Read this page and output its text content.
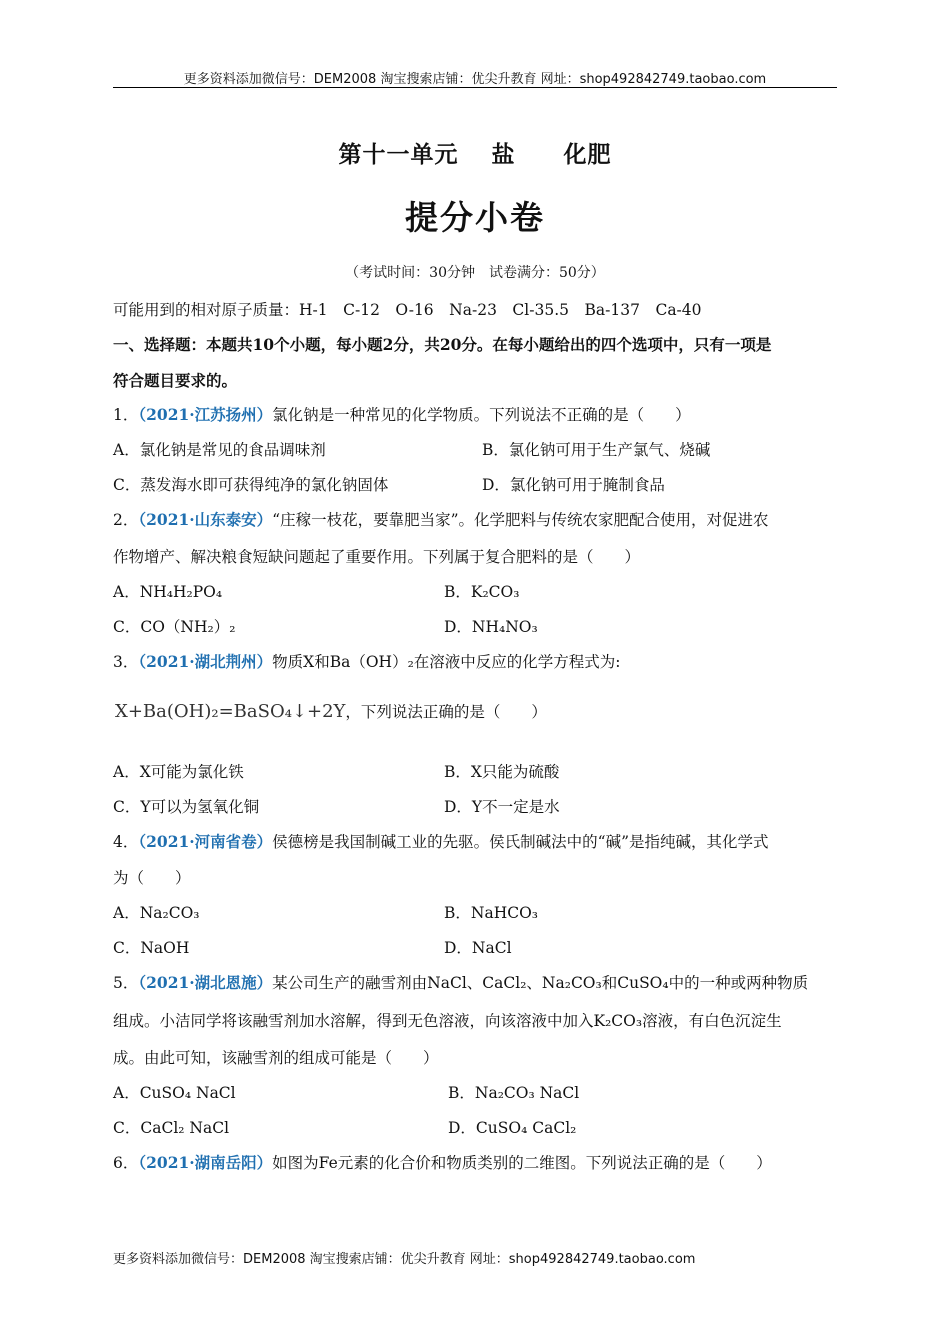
更多资料添加微信号：DEM2008 淘宝搜索店铺：优尖升教育 网址：shop492842749.taobao.com
第十一单元　 盐　　化肥
提分小卷
（考试时间：30分钟　试卷满分：50分）
可能用到的相对原子质量：H-1　C-12　O-16　Na-23　Cl-35.5　Ba-137　Ca-40
一、选择题：本题共10个小题，每小题2分，共20分。在每小题给出的四个选项中，只有一项是
符合题目要求的。
1．（2021·江苏扬州）氯化钠是一种常见的化学物质。下列说法不正确的是（　　）
A．氯化钠是常见的食品调味剂	B．氯化钠可用于生产氯气、烧碱
C．蒸发海水即可获得纯净的氯化钠固体	D．氯化钠可用于腌制食品
2．（2021·山东泰安）“庄稼一枝花，要靠肥当家”。化学肥料与传统农家肥配合使用，对促进农
作物增产、解决粮食短缺问题起了重要作用。下列属于复合肥料的是（　　）
A．NH₄H₂PO₄	B．K₂CO₃
C．CO（NH₂）₂	D．NH₄NO₃
3．（2021·湖北荆州）物质X和Ba（OH）₂在溶液中反应的化学方程式为:
X+Ba(OH)₂=BaSO₄↓+2Y，下列说法正确的是（　　）
A．X可能为氯化铁	B．X只能为硫酸
C．Y可以为氢氧化铜	D．Y不一定是水
4．（2021·河南省卷）侯德榜是我国制碱工业的先驱。侯氏制碱法中的“碱”是指纯碱，其化学式
为（　　）
A．Na₂CO₃	B．NaHCO₃
C．NaOH	D．NaCl
5．（2021·湖北恩施）某公司生产的融雪剂由NaCl、CaCl₂、Na₂CO₃和CuSO₄中的一种或两种物质
组成。小洁同学将该融雪剂加水溶解，得到无色溶液，向该溶液中加入K₂CO₃溶液，有白色沉淀生
成。由此可知，该融雪剂的组成可能是（　　）
A．CuSO₄ NaCl	B．Na₂CO₃ NaCl
C．CaCl₂ NaCl	D．CuSO₄ CaCl₂
6．（2021·湖南岳阳）如图为Fe元素的化合价和物质类别的二维图。下列说法正确的是（　　）
更多资料添加微信号：DEM2008 淘宝搜索店铺：优尖升教育 网址：shop492842749.taobao.com
